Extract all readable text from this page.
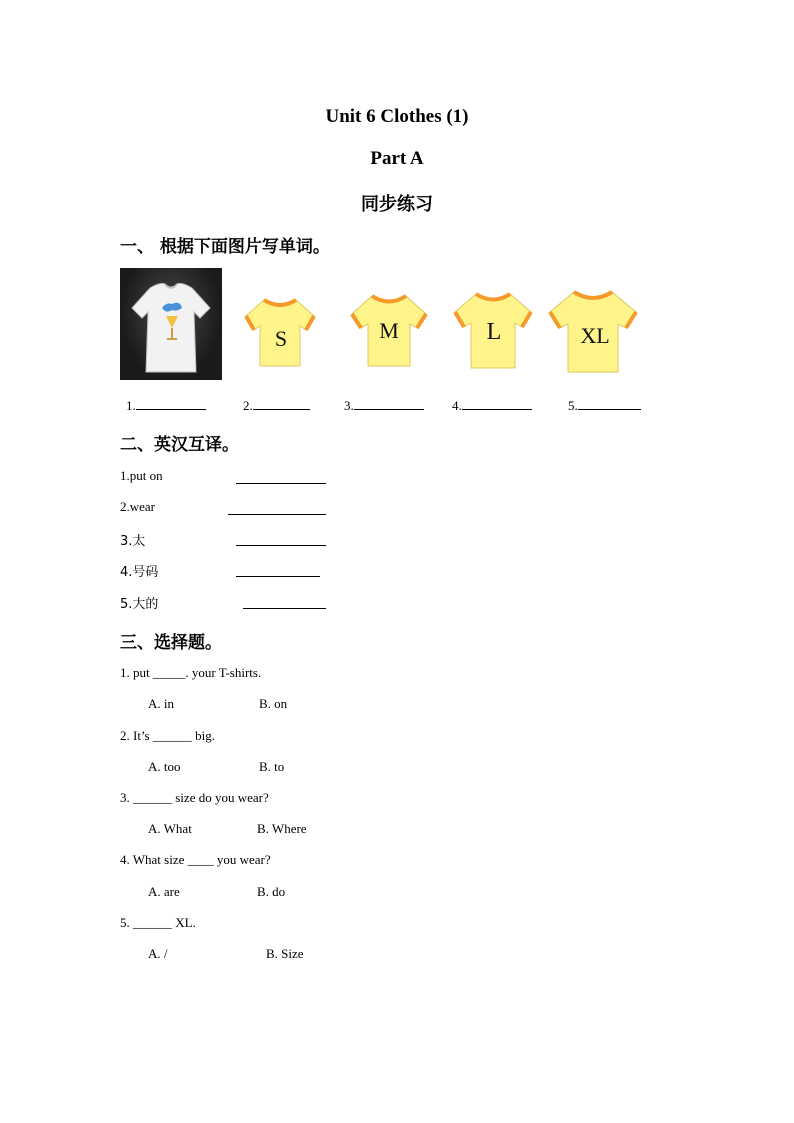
Unit 6 Clothes (1)
Part A
同步练习
一、 根据下面图片写单词。
S	M	L	XL
1.	2.	3.	4.	5.
二、英汉互译。
1.put on
2.wear
3.太
4.号码
5.大的
三、选择题。
1. put _____. your T-shirts.
A. in	B. on
2. It’s ______ big.
A. too	B. to
3. ______ size do you wear?
A. What	B. Where
4. What size ____ you wear?
A. are	B. do
5. ______ XL.
A. /	B. Size
